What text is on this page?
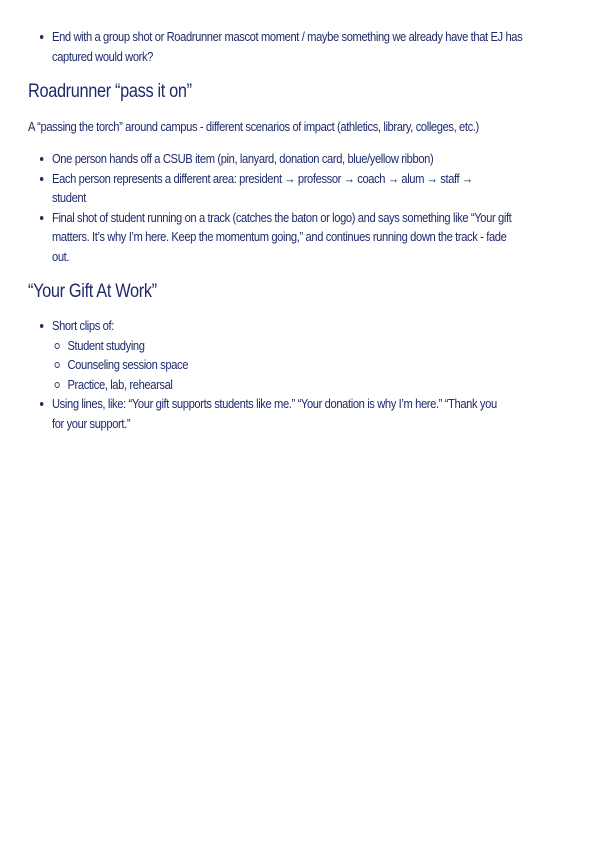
End with a group shot or Roadrunner mascot moment / maybe something we already have that EJ has
captured would work?
Roadrunner “pass it on”
A “passing the torch” around campus - different scenarios of impact (athletics, library, colleges, etc.)
One person hands off a CSUB item (pin, lanyard, donation card, blue/yellow ribbon)
Each person represents a different area: president → professor → coach → alum → staff →
student
Final shot of student running on a track (catches the baton or logo) and says something like “Your gift
matters. It’s why I’m here. Keep the momentum going,” and continues running down the track - fade
out.
“Your Gift At Work”
Short clips of:
Student studying
Counseling session space
Practice, lab, rehearsal
Using lines, like: “Your gift supports students like me.” “Your donation is why I’m here.” “Thank you
for your support.”
